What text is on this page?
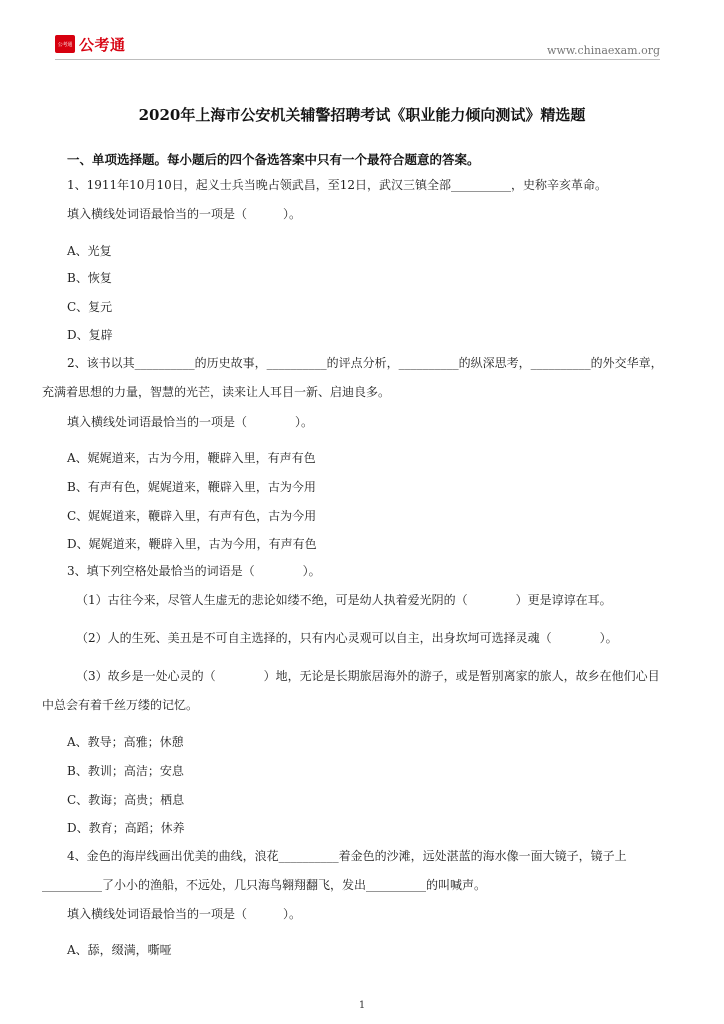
公考通 公考通	www.chinaexam.org
2020年上海市公安机关辅警招聘考试《职业能力倾向测试》精选题
一、单项选择题。每小题后的四个备选答案中只有一个最符合题意的答案。
1、1911年10月10日，起义士兵当晚占领武昌，至12日，武汉三镇全部__________，史称辛亥革命。
填入横线处词语最恰当的一项是（　　　）。
A、光复
B、恢复
C、复元
D、复辟
2、该书以其__________的历史故事，__________的评点分析，__________的纵深思考，__________的外交华章，
充满着思想的力量，智慧的光芒，读来让人耳目一新、启迪良多。
填入横线处词语最恰当的一项是（　　　　）。
A、娓娓道来，古为今用，鞭辟入里，有声有色
B、有声有色，娓娓道来，鞭辟入里，古为今用
C、娓娓道来，鞭辟入里，有声有色，古为今用
D、娓娓道来，鞭辟入里，古为今用，有声有色
3、填下列空格处最恰当的词语是（　　　　）。
（1）古往今来，尽管人生虚无的悲论如缕不绝，可是幼人执着爱光阴的（　　　　）更是谆谆在耳。
（2）人的生死、美丑是不可自主选择的，只有内心灵观可以自主，出身坎坷可选择灵魂（　　　　）。
（3）故乡是一处心灵的（　　　　）地，无论是长期旅居海外的游子，或是暂别离家的旅人，故乡在他们心目
中总会有着千丝万缕的记忆。
A、教导；高雅；休憩
B、教训；高洁；安息
C、教诲；高贵；栖息
D、教育；高蹈；休养
4、金色的海岸线画出优美的曲线，浪花__________着金色的沙滩，远处湛蓝的海水像一面大镜子，镜子上
__________了小小的渔船，不远处，几只海鸟翱翔翻飞，发出__________的叫喊声。
填入横线处词语最恰当的一项是（　　　）。
A、舔，缀满，嘶哑
1
